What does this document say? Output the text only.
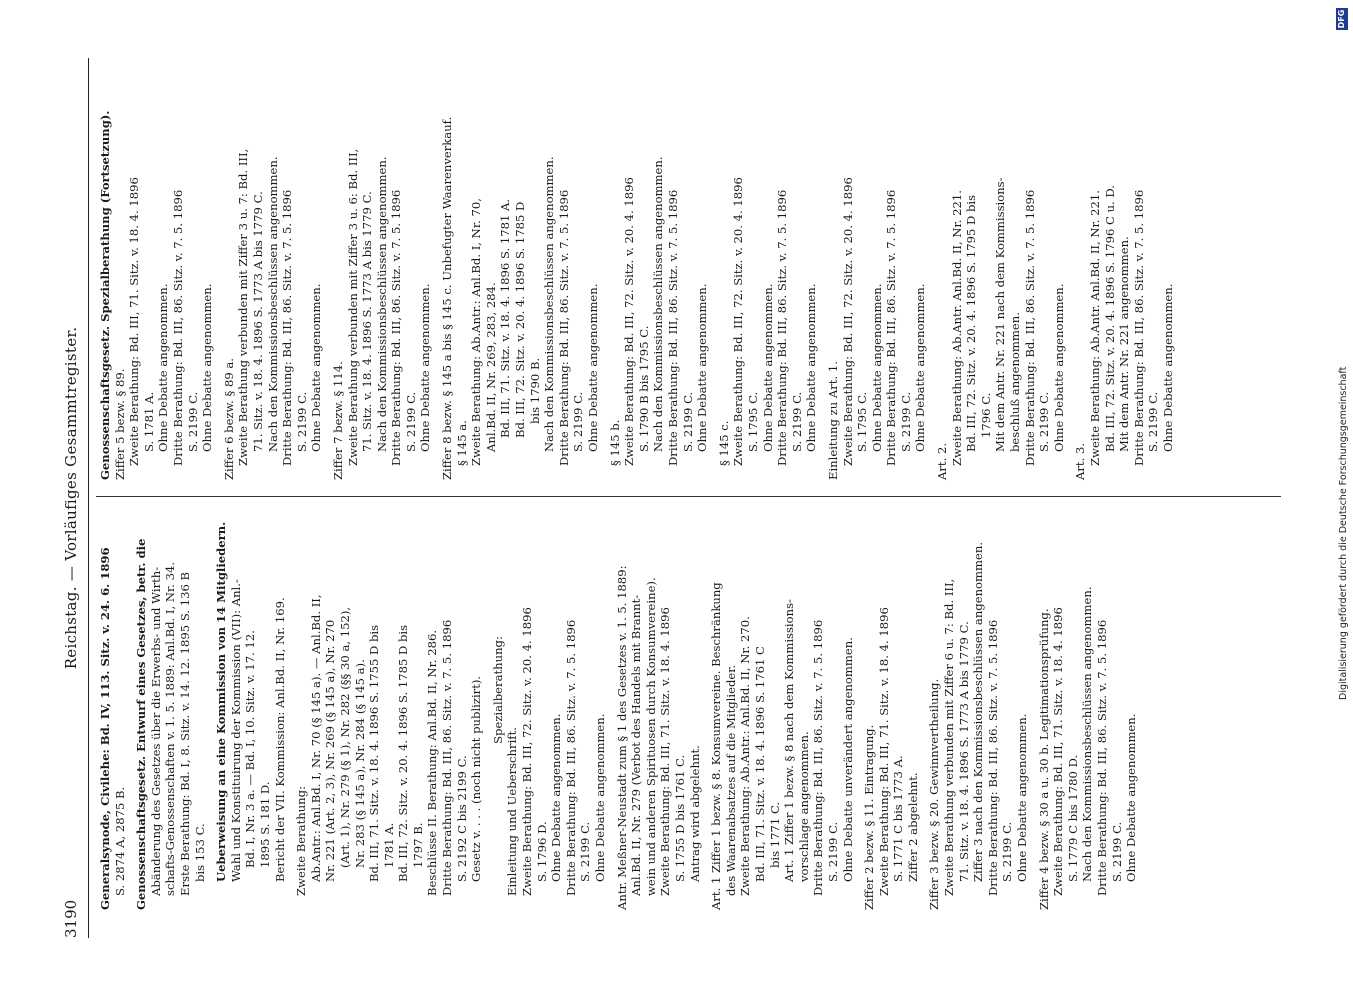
3190
Reichstag. — Vorläufiges Gesammtregister.

Generalsynode, Civilehe: Bd. IV, 113. Sitz. v. 24. 6. 1896 S. 2874 A, 2875 B. Genossenschaftsgesetz. Entwurf eines Gesetzes, betr. die Abänderung des Gesetzes über die Erwerbs- und Wirth- schafts-Genossenschaften v. 1. 5. 1889: Anl.Bd. I, Nr. 34. Erste Berathung: Bd. I, 8. Sitz. v. 14. 12. 1895 S. 136 B bis 153 C. Ueberweisung an eine Kommission von 14 Mitgliedern. Wahl und Konstituirung der Kommission (VII): Anl.- Bd. I, Nr. 3 a. — Bd. I, 10. Sitz. v. 17. 12. 1895 S. 181 D. Bericht der VII. Kommission: Anl.Bd. II, Nr. 169. Zweite Berathung: Ab.Antr.: Anl.Bd. I, Nr. 70 (§ 145 a). — Anl.Bd. II, Nr. 221 (Art. 2, 3), Nr. 269 (§ 145 a), Nr. 270 (Art. 1), Nr. 279 (§ 1), Nr. 282 (§§ 30 a, 152), Nr. 283 (§ 145 a), Nr. 284 (§ 145 a). Bd. III, 71. Sitz. v. 18. 4. 1896 S. 1755 D bis 1781 A. Bd. III, 72. Sitz. v. 20. 4. 1896 S. 1785 D bis 1797 B. Beschlüsse II. Berathung: Anl.Bd. II, Nr. 286. Dritte Berathung: Bd. III, 86. Sitz. v. 7. 5. 1896 S. 2192 C bis 2199 C. Gesetz v. . . . (noch nicht publizirt). Spezialberathung:

Einleitung und Ueberschrift. Zweite Berathung: Bd. III, 72. Sitz. v. 20. 4. 1896 S. 1796 D. Ohne Debatte angenommen. Dritte Berathung: Bd. III, 86. Sitz. v. 7. 5. 1896 S. 2199 C. Ohne Debatte angenommen. Antr. Meßner-Neustadt zum § 1 des Gesetzes v. 1. 5. 1889: Anl.Bd. II, Nr. 279 (Verbot des Handels mit Brannt- wein und anderen Spirituosen durch Konsumvereine). Zweite Berathung: Bd. III, 71. Sitz. v. 18. 4. 1896 S. 1755 D bis 1761 C. Antrag wird abgelehnt. Art. 1 Ziffer 1 bezw. § 8. Konsumvereine. Beschränkung des Waarenabsatzes auf die Mitglieder. Zweite Berathung: Ab.Antr.: Anl.Bd. II, Nr. 270. Bd. III, 71. Sitz. v. 18. 4. 1896 S. 1761 C bis 1771 C. Art. 1 Ziffer 1 bezw. § 8 nach dem Kommissions- vorschlage angenommen. Dritte Berathung: Bd. III, 86. Sitz. v. 7. 5. 1896 S. 2199 C. Ohne Debatte unverändert angenommen. Ziffer 2 bezw. § 11. Eintragung. Zweite Berathung: Bd. III, 71. Sitz. v. 18. 4. 1896 S. 1771 C bis 1773 A. Ziffer 2 abgelehnt. Ziffer 3 bezw. § 20. Gewinnvertheilung. Zweite Berathung verbunden mit Ziffer 6 u. 7: Bd. III, 71. Sitz. v. 18. 4. 1896 S. 1773 A bis 1779 C. Ziffer 3 nach den Kommissionsbeschlüssen angenommen. Dritte Berathung: Bd. III, 86. Sitz. v. 7. 5. 1896 S. 2199 C. Ohne Debatte angenommen. Ziffer 4 bezw. § 30 a u. 30 b. Legitimationsprüfung. Zweite Berathung: Bd. III, 71. Sitz. v. 18. 4. 1896 S. 1779 C bis 1780 D. Nach den Kommissionsbeschlüssen angenommen. Dritte Berathung: Bd. III, 86. Sitz. v. 7. 5. 1896 S. 2199 C. Ohne Debatte angenommen.

Genossenschaftsgesetz. Spezialberathung (Fortsetzung). Ziffer 5 bezw. § 89. Zweite Berathung: Bd. III, 71. Sitz. v. 18. 4. 1896 S. 1781 A. Ohne Debatte angenommen. Dritte Berathung: Bd. III, 86. Sitz. v. 7. 5. 1896 S. 2199 C. Ohne Debatte angenommen. Ziffer 6 bezw. § 89 a. Zweite Berathung verbunden mit Ziffer 3 u. 7: Bd. III, 71. Sitz. v. 18. 4. 1896 S. 1773 A bis 1779 C. Nach den Kommissionsbeschlüssen angenommen. Dritte Berathung: Bd. III, 86. Sitz. v. 7. 5. 1896 S. 2199 C. Ohne Debatte angenommen. Ziffer 7 bezw. § 114. Zweite Berathung verbunden mit Ziffer 3 u. 6: Bd. III, 71. Sitz. v. 18. 4. 1896 S. 1773 A bis 1779 C. Nach den Kommissionsbeschlüssen angenommen. Dritte Berathung: Bd. III, 86. Sitz. v. 7. 5. 1896 S. 2199 C. Ohne Debatte angenommen. Ziffer 8 bezw. § 145 a bis § 145 c. Unbefugter Waarenverkauf. § 145 a. Zweite Berathung: Ab.Antr.: Anl.Bd. I, Nr. 70, Anl.Bd. II, Nr. 269, 283, 284. Bd. III, 71. Sitz. v. 18. 4. 1896 S. 1781 A. Bd. III, 72. Sitz. v. 20. 4. 1896 S. 1785 D bis 1790 B. Nach den Kommissionsbeschlüssen angenommen. Dritte Berathung: Bd. III, 86. Sitz. v. 7. 5. 1896 S. 2199 C. Ohne Debatte angenommen. § 145 b. Zweite Berathung: Bd. III, 72. Sitz. v. 20. 4. 1896 S. 1790 B bis 1795 C. Nach den Kommissionsbeschlüssen angenommen. Dritte Berathung: Bd. III, 86. Sitz. v. 7. 5. 1896 S. 2199 C. Ohne Debatte angenommen. § 145 c. Zweite Berathung: Bd. III, 72. Sitz. v. 20. 4. 1896 S. 1795 C. Ohne Debatte angenommen. Dritte Berathung: Bd. III, 86. Sitz. v. 7. 5. 1896 S. 2199 C. Ohne Debatte angenommen. Einleitung zu Art. 1. Zweite Berathung: Bd. III, 72. Sitz. v. 20. 4. 1896 S. 1795 C. Ohne Debatte angenommen. Dritte Berathung: Bd. III, 86. Sitz. v. 7. 5. 1896 S. 2199 C. Ohne Debatte angenommen.

Art. 2. Zweite Berathung: Ab.Antr. Anl.Bd. II, Nr. 221. Bd. III, 72. Sitz. v. 20. 4. 1896 S. 1795 D bis 1796 C. Mit dem Antr. Nr. 221 nach dem Kommissions- beschluß angenommen. Dritte Berathung: Bd. III, 86. Sitz. v. 7. 5. 1896 S. 2199 C. Ohne Debatte angenommen.

Art. 3. Zweite Berathung: Ab.Antr. Anl.Bd. II, Nr. 221. Bd. III, 72. Sitz. v. 20. 4. 1896 S. 1796 C u. D. Mit dem Antr. Nr. 221 angenommen. Dritte Berathung: Bd. III, 86. Sitz. v. 7. 5. 1896 S. 2199 C. Ohne Debatte angenommen.	Digitalisierung gefördert durch die Deutsche Forschungsgemeinschaft
DFG
